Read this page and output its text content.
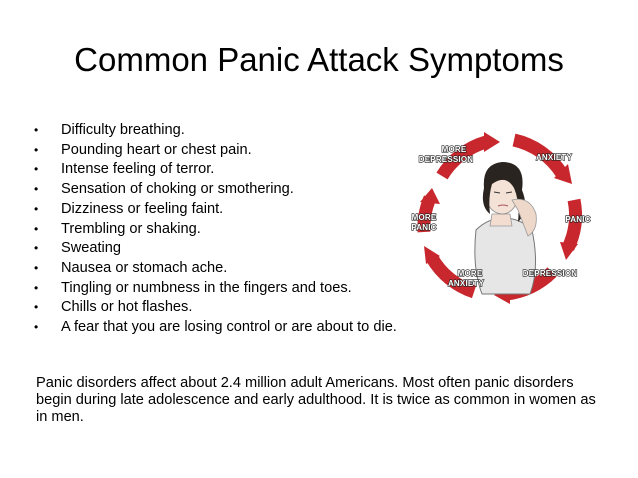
Common Panic Attack Symptoms
• Difficulty breathing.
• Pounding heart or chest pain.
• Intense feeling of terror.
• Sensation of choking or smothering.
• Dizziness or feeling faint.
• Trembling or shaking.
• Sweating
• Nausea or stomach ache.
• Tingling or numbness in the fingers and toes.
• Chills or hot flashes.
• A fear that you are losing control or are about to die.
MORE
DEPRESSION	ANXIETY
MORE
PANIC
PANIC
MORE
ANXIETY
DEPRESSION
Panic disorders affect about 2.4 million adult Americans. Most often panic disorders begin during late adolescence and early adulthood. It is twice as common in women as in men.
